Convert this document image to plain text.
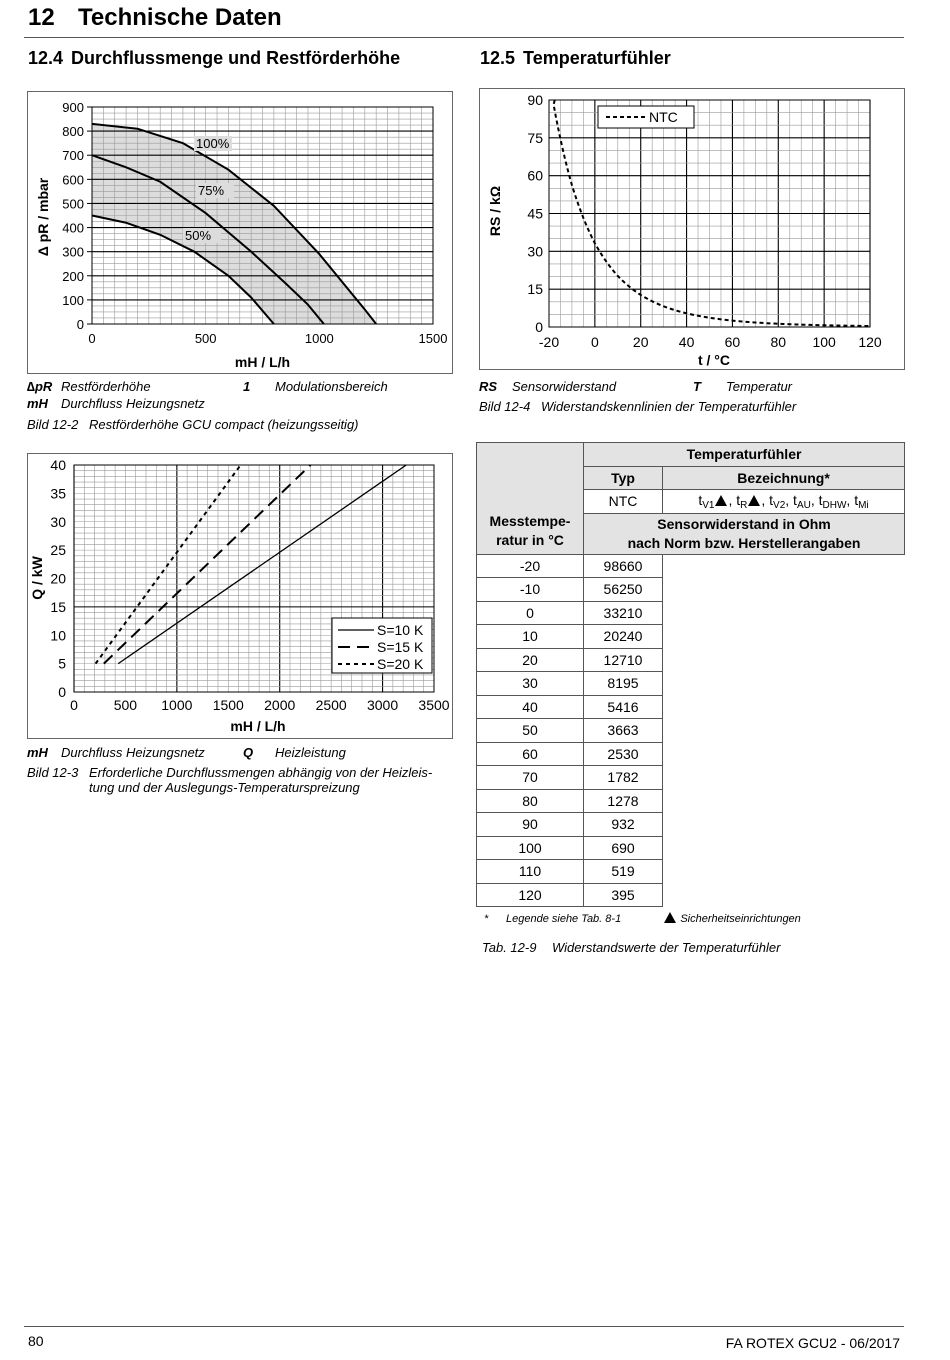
12 Technische Daten
12.4 Durchflussmenge und Restförderhöhe	12.5 Temperaturfühler
100%
75%
50%
900
800
700
600
500
400
300
200
100
0
0	500	1000	1500
Δ pR / mbar
mH / L/h
∆pR Restförderhöhe	1 Modulationsbereich
mH Durchfluss Heizungsnetz
Bild 12-2 Restförderhöhe GCU compact (heizungsseitig)
S=10 K
S=15 K
S=20 K
40
35
30
25
20
15
10
5
0
0	500 1000 1500 2000 2500 3000 3500
Q / kW
mH / L/h
mH Durchfluss Heizungsnetz	Q Heizleistung
Bild 12-3 Erforderliche Durchflussmengen abhängig von der Heizleis-
tung und der Auslegungs-Temperaturspreizung
NTC
90
75
60
45
30
15
0
-20 0 20 40 60 80 100 120
RS / kΩ
t / °C
RS Sensorwiderstand	T Temperatur
Bild 12-4 Widerstandskennlinien der Temperaturfühler
Messtempe-
ratur in °C	Temperaturfühler	
	Typ	Bezeichnung*
	NTC	$t_{V1}$ , $t_R$ , $t_{V2}$, $t_{AU}$, $t_{DHW}$, $t_{Mi}$

	Sensorwiderstand in Ohm
nach Norm bzw. Herstellerangaben	

-20	98660	
-10	56250	
0	33210	
10	20240	
20	12710	
30	8195	
40	5416	
50	3663	
60	2530	
70	1782	
80	1278	
90	932	
100	690	
110	519	
120	395	
* Legende siehe Tab. 8-1	Sicherheitseinrichtungen
Tab. 12-9 Widerstandswerte der Temperaturfühler
80	FA ROTEX GCU2 - 06/2017
